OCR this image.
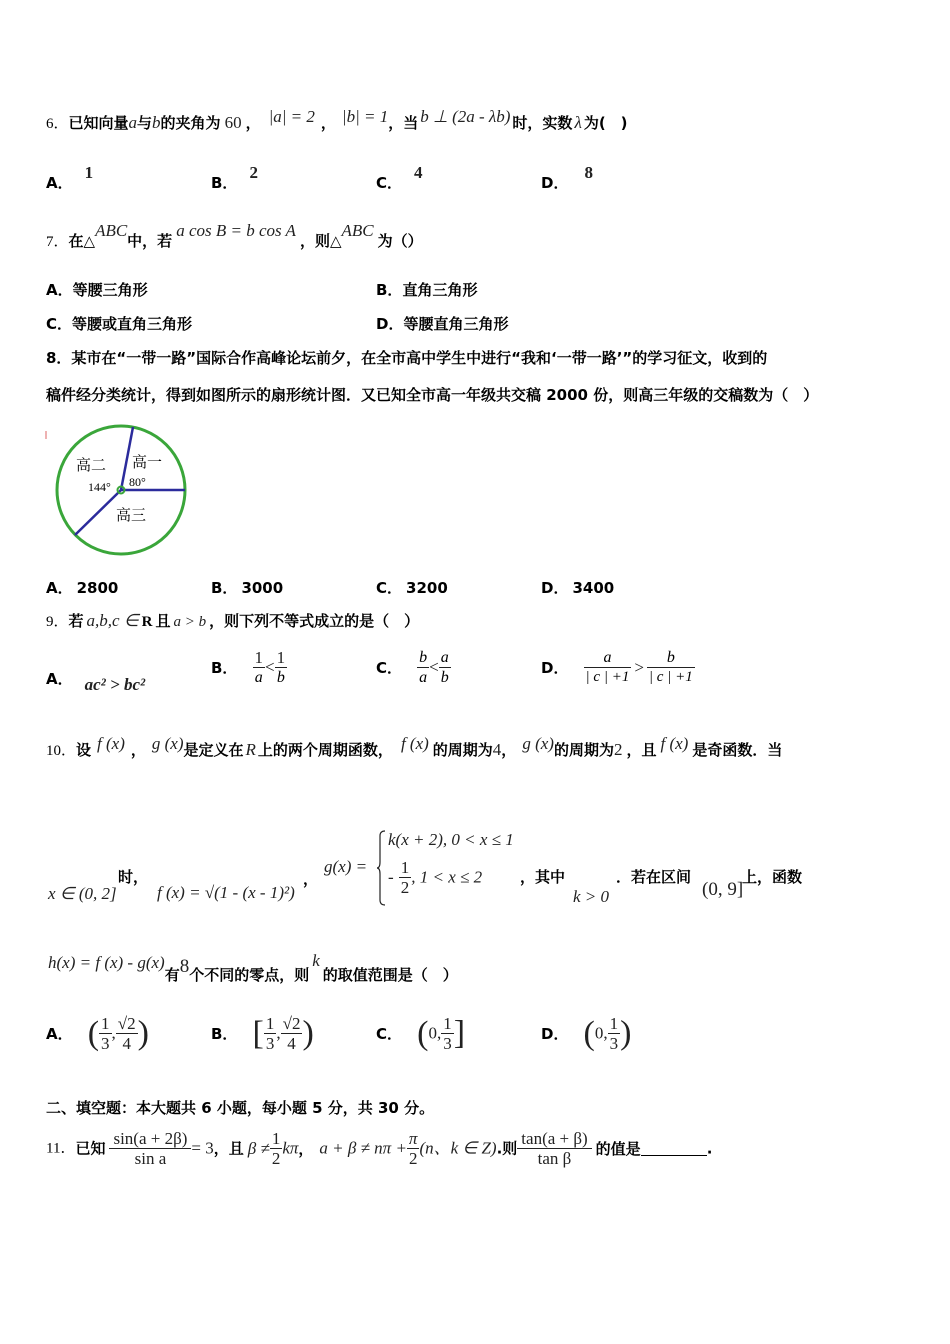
6．已知向量a与b的夹角为 60 ， |a| = 2 ， |b| = 1，当 b ⊥ (2a - λb) 时，实数 λ 为(　)
A．1
B．2
C．4
D．8
7．在△ABC中，若a cos B = b cos A，则△ABC为（）
A．等腰三角形	B．直角三角形
C．等腰或直角三角形	D．等腰直角三角形
8．某市在“一带一路”国际合作高峰论坛前夕，在全市高中学生中进行“我和‘一带一路’”的学习征文，收到的
稿件经分类统计，得到如图所示的扇形统计图．又已知全市高一年级共交稿 2000 份，则高三年级的交稿数为（　）
高一
高二
高三
144° 80°
A． 2800	B． 3000	C． 3200	D． 3400
9．若 a,b,c ∈ R 且 a > b ，则下列不等式成立的是（　）
A． ac² > bc²
B． $\frac{1}{a} < \frac{1}{b}$	C． $\frac{b}{a} < \frac{a}{b}$	D． $\frac{a}{| c | +1} > \frac{b}{| c | +1}$
10．设 f (x) ， g (x)是定义在 R 上的两个周期函数， f (x) 的周期为4， g (x)的周期为2 ，且 f (x) 是奇函数．当
x ∈ (0, 2]
时，
f (x) = √(1 - (x - 1)²)
，
g(x) =
k(x + 2), 0 < x ≤ 1
- $\frac{1}{2}$ , 1 < x ≤ 2	，其中
k > 0
．若在区间
(0, 9]
上，函数
h(x) = f (x) - g(x)有8个不同的零点，则k的取值范围是（　）
A． ( $\frac{1}{3}$ , $\frac{√2}{4}$ )	B． [ $\frac{1}{3}$ , $\frac{√2}{4}$ )	C． (0, $\frac{1}{3}$ ]	D． (0, $\frac{1}{3}$ )
二、填空题：本大题共 6 小题，每小题 5 分，共 30 分。
11．已知 $\frac{\sin(a + 2\beta)}{\text{sin a}} = 3$，且 $\beta \ne \frac{1}{2}$ kπ， $a + \beta \ne n\pi + \frac{\pi}{2} (n$、k ∈ Z).则 $\frac{\tan(a + \beta)}{\text{tan β}}$ 的值是	.
